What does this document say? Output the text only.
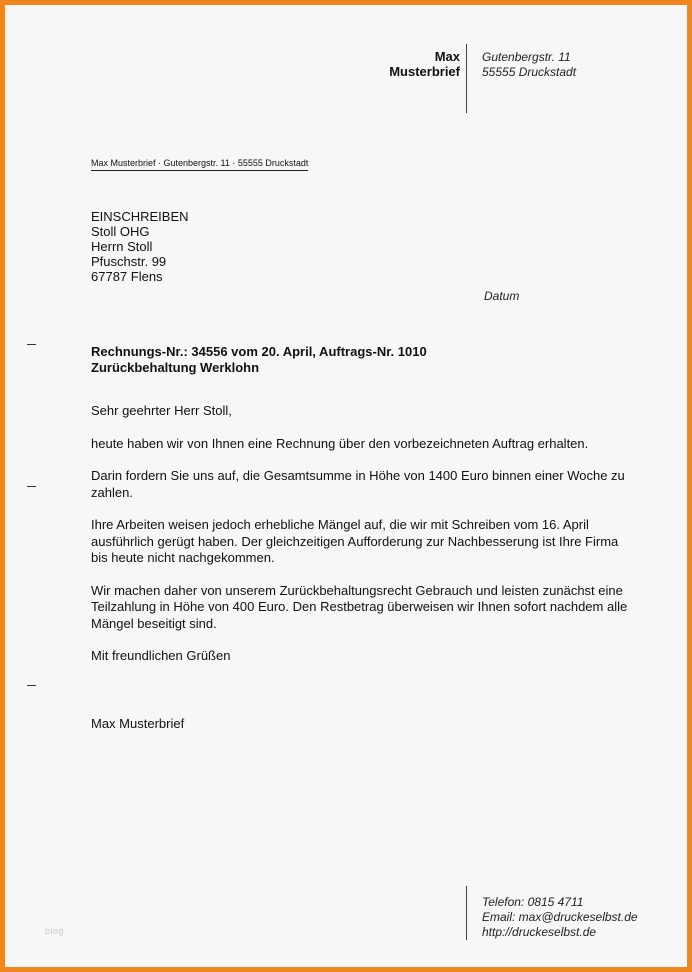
Max
Musterbrief
Gutenbergstr. 11
55555 Druckstadt
Max Musterbrief · Gutenbergstr. 11 · 55555 Druckstadt
EINSCHREIBEN
Stoll OHG
Herrn Stoll
Pfuschstr. 99
67787 Flens
Datum
Rechnungs-Nr.: 34556 vom 20. April, Auftrags-Nr. 1010
Zurückbehaltung Werklohn

Sehr geehrter Herr Stoll,

heute haben wir von Ihnen eine Rechnung über den vorbezeichneten Auftrag erhalten.

Darin fordern Sie uns auf, die Gesamtsumme in Höhe von 1400 Euro binnen einer Woche zu zahlen.

Ihre Arbeiten weisen jedoch erhebliche Mängel auf, die wir mit Schreiben vom 16. April ausführlich gerügt haben. Der gleichzeitigen Aufforderung zur Nachbesserung ist Ihre Firma bis heute nicht nachgekommen.

Wir machen daher von unserem Zurückbehaltungsrecht Gebrauch und leisten zunächst eine Teilzahlung in Höhe von 400 Euro. Den Restbetrag überweisen wir Ihnen sofort nachdem alle Mängel beseitigt sind.

Mit freundlichen Grüßen

Max Musterbrief
Telefon: 0815 4711
Email: max@druckeselbst.de
http://druckeselbst.de
blog
